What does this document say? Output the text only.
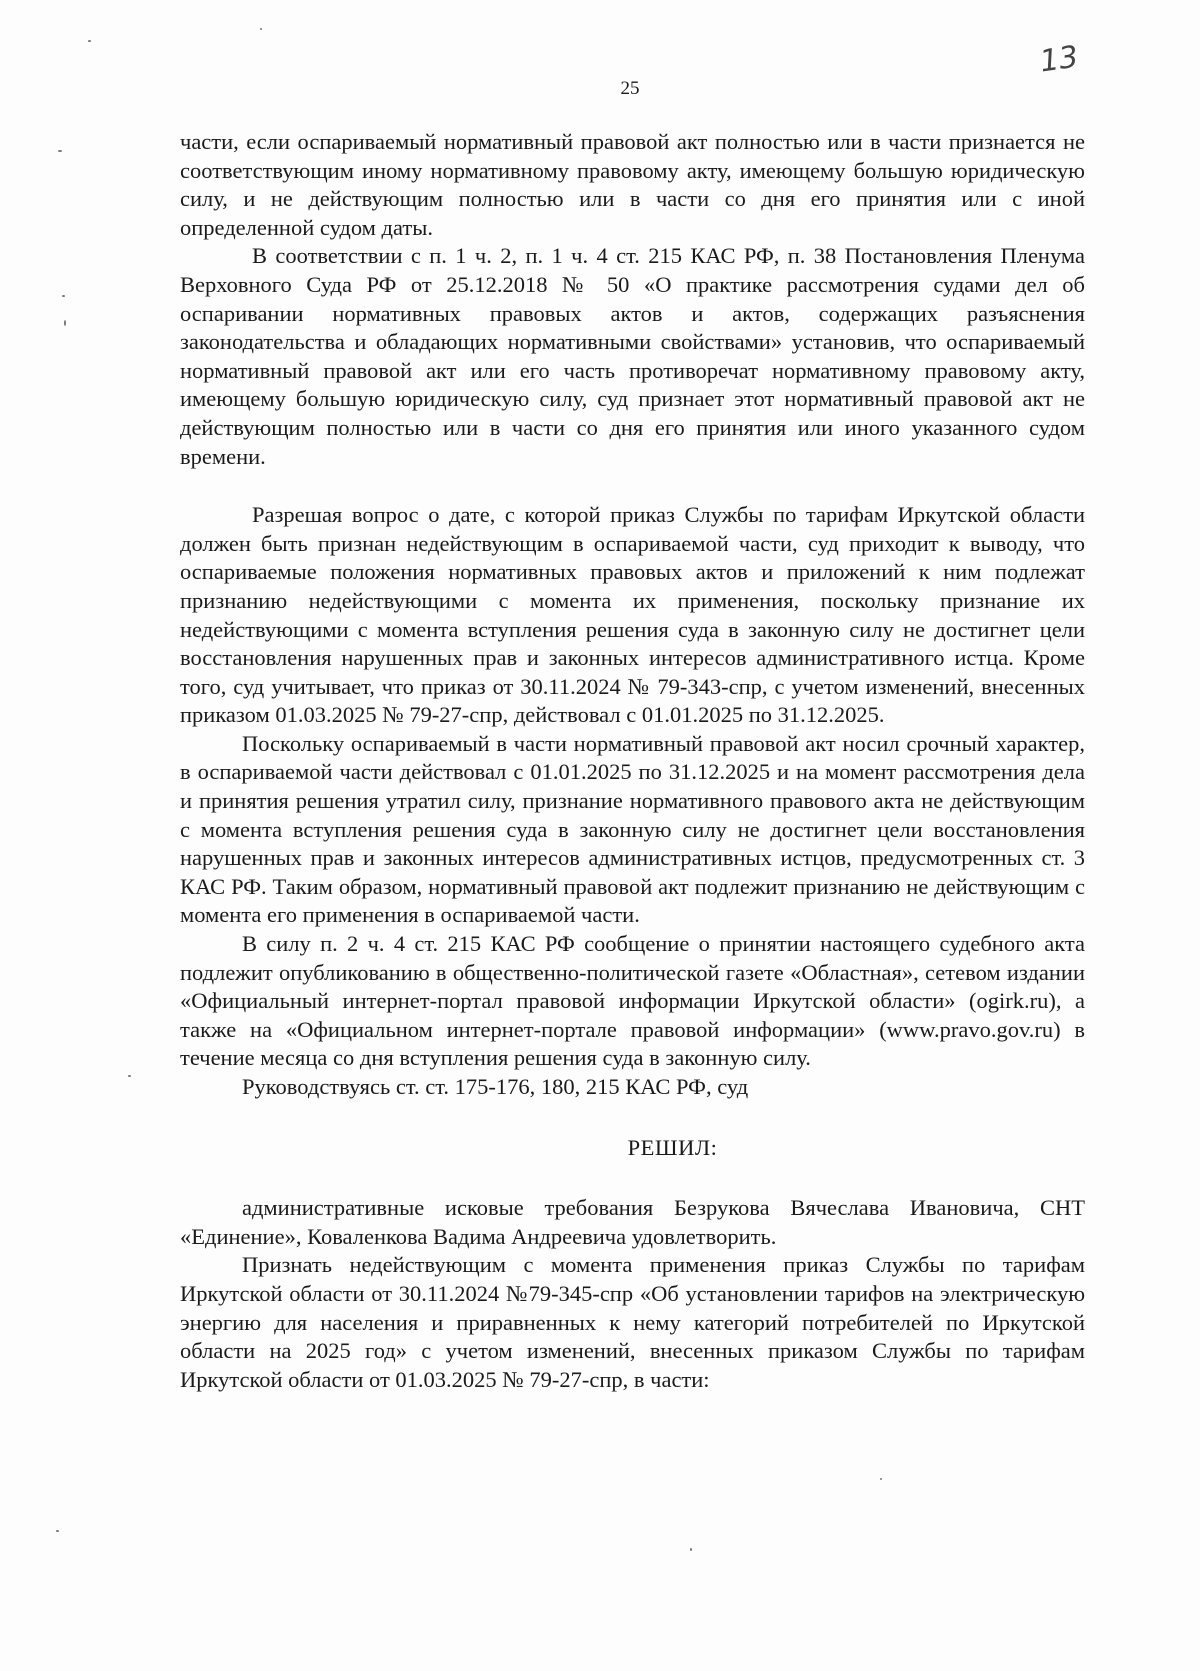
25
13

части, если оспариваемый нормативный правовой акт полностью или в части признается не соответствующим иному нормативному правовому акту, имеющему большую юридическую силу, и не действующим полностью или в части со дня его принятия или с иной определенной судом даты.

В соответствии с п. 1 ч. 2, п. 1 ч. 4 ст. 215 КАС РФ, п. 38 Постановления Пленума Верховного Суда РФ от 25.12.2018 № 50 «О практике рассмотрения судами дел об оспаривании нормативных правовых актов и актов, содержащих разъяснения законодательства и обладающих нормативными свойствами» установив, что оспариваемый нормативный правовой акт или его часть противоречат нормативному правовому акту, имеющему большую юридическую силу, суд признает этот нормативный правовой акт не действующим полностью или в части со дня его принятия или иного указанного судом времени.

Разрешая вопрос о дате, с которой приказ Службы по тарифам Иркутской области должен быть признан недействующим в оспариваемой части, суд приходит к выводу, что оспариваемые положения нормативных правовых актов и приложений к ним подлежат признанию недействующими с момента их применения, поскольку признание их недействующими с момента вступления решения суда в законную силу не достигнет цели восстановления нарушенных прав и законных интересов административного истца. Кроме того, суд учитывает, что приказ от 30.11.2024 № 79-343-спр, с учетом изменений, внесенных приказом 01.03.2025 № 79-27-спр, действовал с 01.01.2025 по 31.12.2025.

Поскольку оспариваемый в части нормативный правовой акт носил срочный характер, в оспариваемой части действовал с 01.01.2025 по 31.12.2025 и на момент рассмотрения дела и принятия решения утратил силу, признание нормативного правового акта не действующим с момента вступления решения суда в законную силу не достигнет цели восстановления нарушенных прав и законных интересов административных истцов, предусмотренных ст. 3 КАС РФ. Таким образом, нормативный правовой акт подлежит признанию не действующим с момента его применения в оспариваемой части.

В силу п. 2 ч. 4 ст. 215 КАС РФ сообщение о принятии настоящего судебного акта подлежит опубликованию в общественно-политической газете «Областная», сетевом издании «Официальный интернет-портал правовой информации Иркутской области» (ogirk.ru), а также на «Официальном интернет-портале правовой информации» (www.pravo.gov.ru) в течение месяца со дня вступления решения суда в законную силу.

Руководствуясь ст. ст. 175-176, 180, 215 КАС РФ, суд

РЕШИЛ:

административные исковые требования Безрукова Вячеслава Ивановича, СНТ «Единение», Коваленкова Вадима Андреевича удовлетворить.

Признать недействующим с момента применения приказ Службы по тарифам Иркутской области от 30.11.2024 №79-345-спр «Об установлении тарифов на электрическую энергию для населения и приравненных к нему категорий потребителей по Иркутской области на 2025 год» с учетом изменений, внесенных приказом Службы по тарифам Иркутской области от 01.03.2025 № 79-27-спр, в части:
